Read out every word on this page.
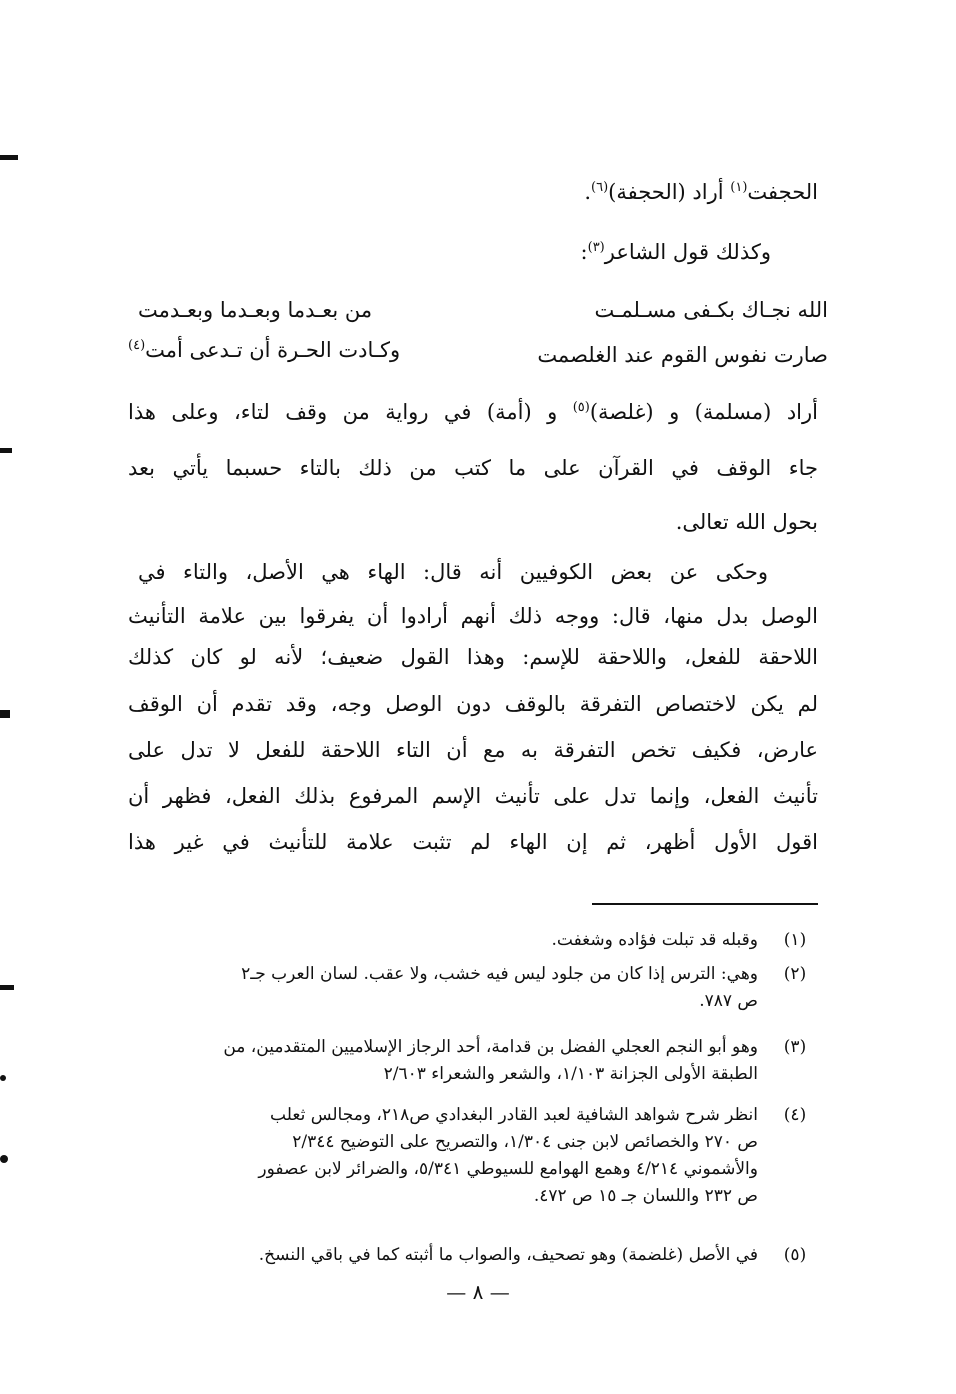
الحجفت$^{(١)}$ أراد (الحجفة)$^{(٦)}$.
وكذلك قول الشاعر$^{(٣)}$:
الله نجـاك بكـفى مسـلمـت
من بعـدما وبعـدما وبعـدمت
صارت نفوس القوم عند الغلصمت
وكـادت الحـرة أن تـدعى أمت$^{(٤)}$
أراد (مسلمة) و (غلصة)$^{(٥)}$ و (أمة) في رواية من وقف لتاء، وعلى هذا
جاء الوقف في القرآن على ما كتب من ذلك بالتاء حسبما يأتي بعد
بحول الله تعالى.
وحكى عن بعض الكوفيين أنه قال: الهاء هي الأصل، والتاء في
الوصل بدل منها، قال: ووجه ذلك أنهم أرادوا أن يفرقوا بين علامة التأنيث
اللاحقة للفعل، واللاحقة للإسم: وهذا القول ضعيف؛ لأنه لو كان كذلك
لم يكن لاختصاص التفرقة بالوقف دون الوصل وجه، وقد تقدم أن الوقف
عارض، فكيف تخص التفرقة به مع أن التاء اللاحقة للفعل لا تدل على
تأنيث الفعل، وإنما تدل على تأنيث الإسم المرفوع بذلك الفعل، فظهر أن
اقول الأول أظهر، ثم إن الهاء لم تثبت علامة للتأنيث في غير هذا
(١)
وقبله قد تبلت فؤاده وشغفت.
(٢)
وهي: الترس إذا كان من جلود ليس فيه خشب، ولا عقب. لسان العرب جـ٢
ص ٧٨٧.
(٣)
وهو أبو النجم العجلي الفضل بن قدامة، أحد الرجاز الإسلاميين المتقدمين، من
الطبقة الأولى الجزانة ١/١٠٣، والشعر والشعراء ٢/٦٠٣
(٤)
انظر شرح شواهد الشافية لعبد القادر البغدادي ص٢١٨، ومجالس ثعلب
ص ٢٧٠ والخصائص لابن جنى ١/٣٠٤، والتصريح على التوضيح ٢/٣٤٤
والأشموني ٤/٢١٤ وهمع الهوامع للسيوطي ٥/٣٤١، والضرائر لابن عصفور
ص ٢٣٢ واللسان جـ ١٥ ص ٤٧٢.
(٥)
في الأصل (غلضمة) وهو تصحيف، والصواب ما أثبته كما في باقي النسخ.
— ٨ —
